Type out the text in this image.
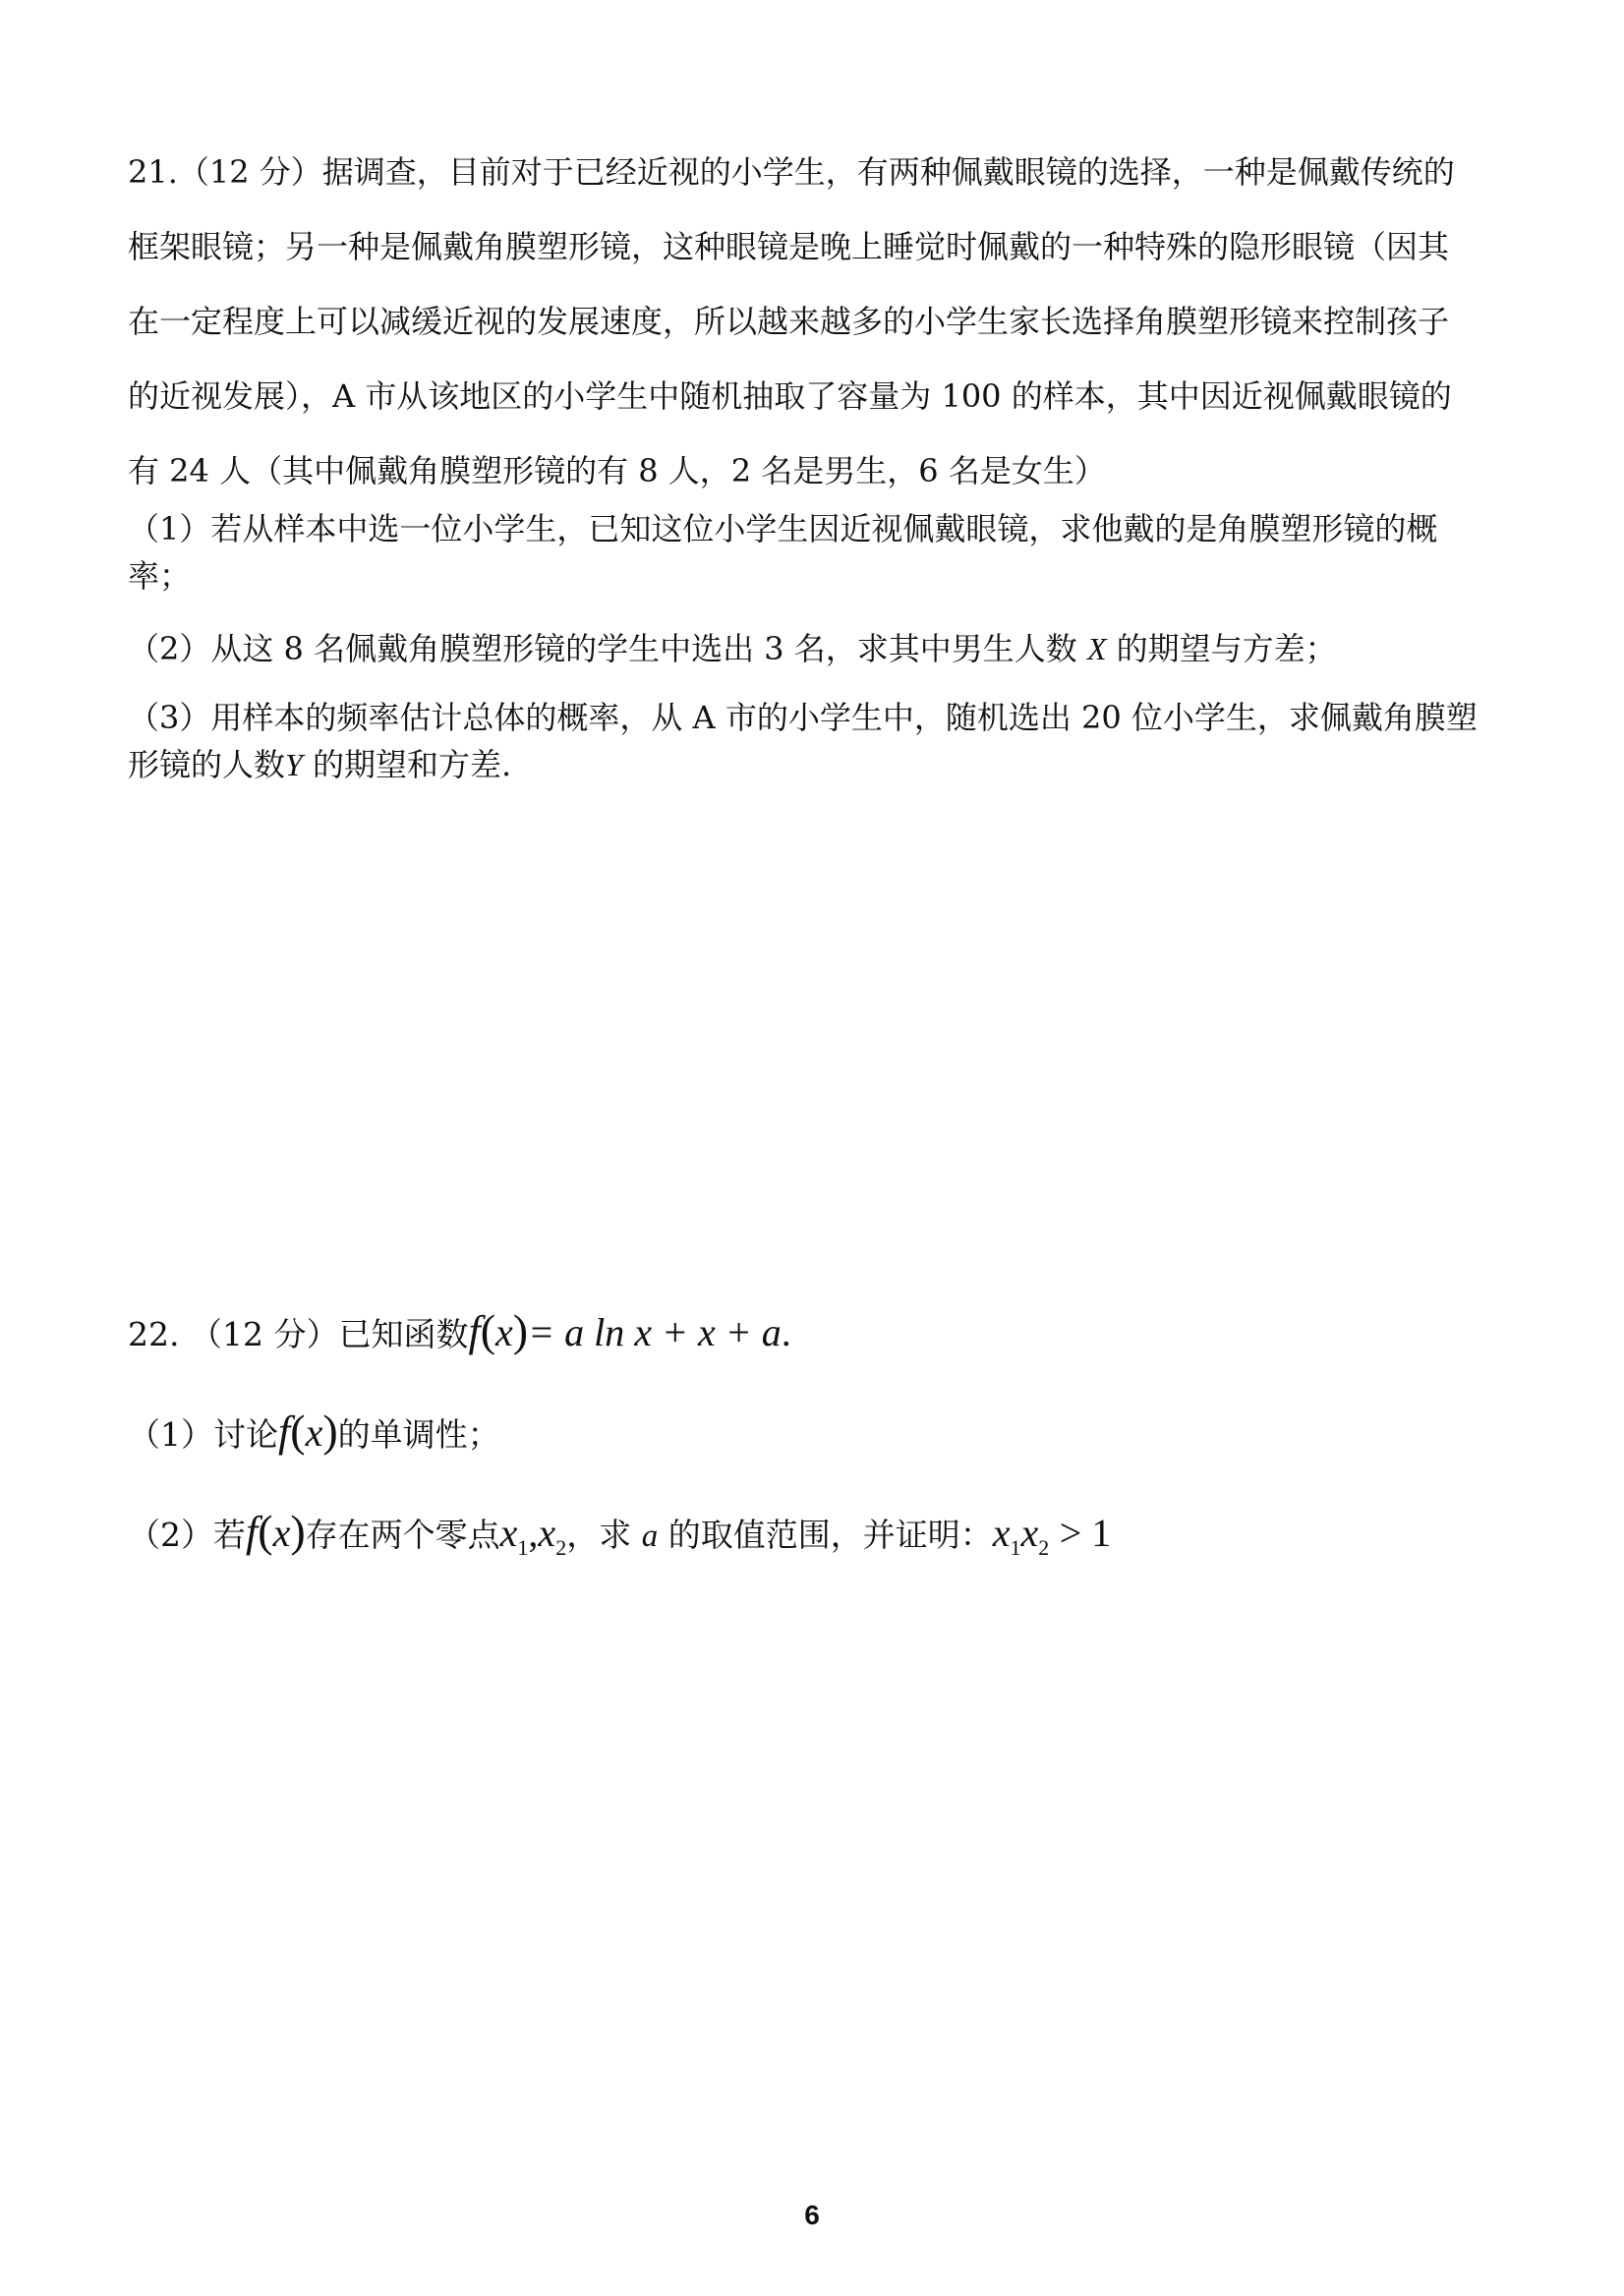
21.（12 分）据调查，目前对于已经近视的小学生，有两种佩戴眼镜的选择，一种是佩戴传统的

框架眼镜；另一种是佩戴角膜塑形镜，这种眼镜是晚上睡觉时佩戴的一种特殊的隐形眼镜（因其

在一定程度上可以减缓近视的发展速度，所以越来越多的小学生家长选择角膜塑形镜来控制孩子

的近视发展），A 市从该地区的小学生中随机抽取了容量为 100 的样本，其中因近视佩戴眼镜的

有 24 人（其中佩戴角膜塑形镜的有 8 人，2 名是男生，6 名是女生）

（1）若从样本中选一位小学生，已知这位小学生因近视佩戴眼镜，求他戴的是角膜塑形镜的概

率；

（2）从这 8 名佩戴角膜塑形镜的学生中选出 3 名，求其中男生人数 X 的期望与方差；

（3）用样本的频率估计总体的概率，从 A 市的小学生中，随机选出 20 位小学生，求佩戴角膜塑

形镜的人数Y 的期望和方差.

22. （12 分）已知函数f(x)= a ln x + x + a.

（1）讨论f(x)的单调性；

（2）若f(x)存在两个零点$x_1,x_2$，求 a 的取值范围，并证明：$x_1x_2 > 1$

6
